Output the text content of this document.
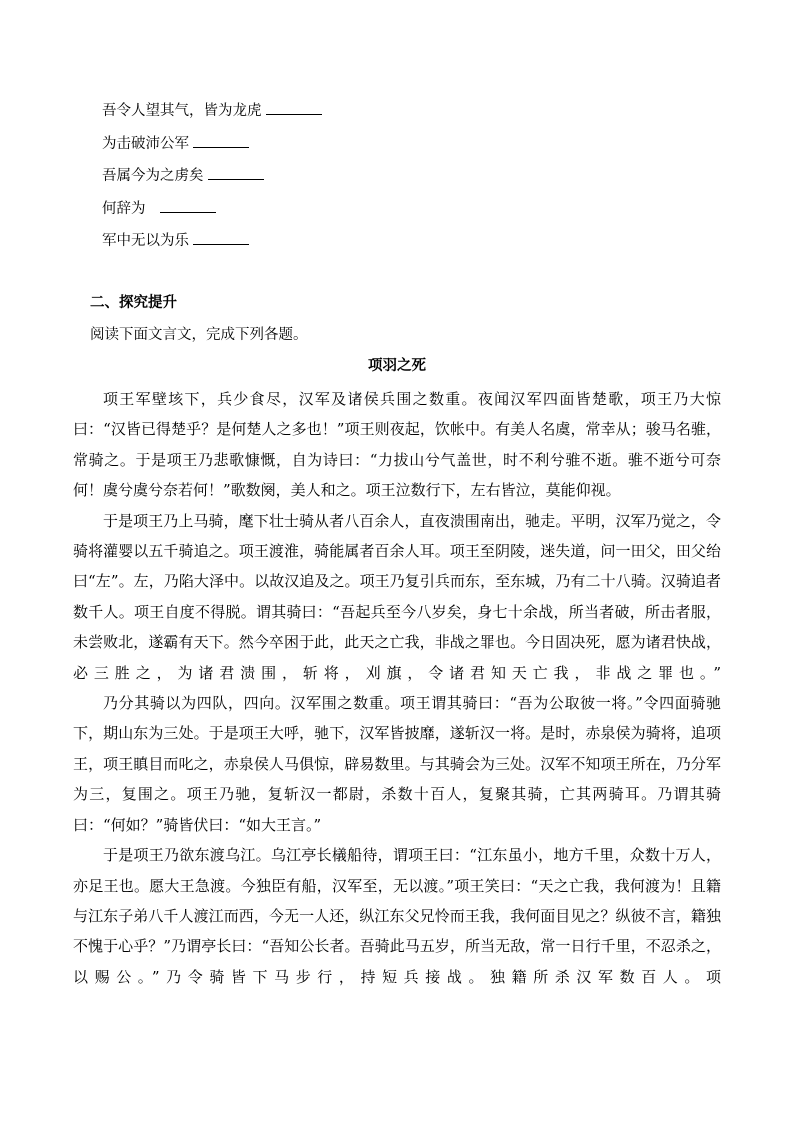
吾令人望其气，皆为龙虎
为击破沛公军
吾属今为之虏矣
何辞为
军中无以为乐
二、探究提升
阅读下面文言文，完成下列各题。
项羽之死

项王军壁垓下，兵少食尽，汉军及诸侯兵围之数重。夜闻汉军四面皆楚歌，项王乃大惊曰：“汉皆已得楚乎？是何楚人之多也！”项王则夜起，饮帐中。有美人名虞，常幸从；骏马名骓，常骑之。于是项王乃悲歌慷慨，自为诗曰：“力拔山兮气盖世，时不利兮骓不逝。骓不逝兮可奈何！虞兮虞兮奈若何！”歌数阕，美人和之。项王泣数行下，左右皆泣，莫能仰视。

于是项王乃上马骑，麾下壮士骑从者八百余人，直夜溃围南出，驰走。平明，汉军乃觉之，令骑将灌婴以五千骑追之。项王渡淮，骑能属者百余人耳。项王至阴陵，迷失道，问一田父，田父绐曰“左”。左，乃陷大泽中。以故汉追及之。项王乃复引兵而东，至东城，乃有二十八骑。汉骑追者数千人。项王自度不得脱。谓其骑曰：“吾起兵至今八岁矣，身七十余战，所当者破，所击者服，未尝败北，遂霸有天下。然今卒困于此，此天之亡我，非战之罪也。今日固决死，愿为诸君快战，必三胜之，为诸君溃围，斩将，刈旗，令诸君知天亡我，非战之罪也。”

乃分其骑以为四队，四向。汉军围之数重。项王谓其骑曰：“吾为公取彼一将。”令四面骑驰下，期山东为三处。于是项王大呼，驰下，汉军皆披靡，遂斩汉一将。是时，赤泉侯为骑将，追项王，项王瞋目而叱之，赤泉侯人马俱惊，辟易数里。与其骑会为三处。汉军不知项王所在，乃分军为三，复围之。项王乃驰，复斩汉一都尉，杀数十百人，复聚其骑，亡其两骑耳。乃谓其骑曰：“何如？”骑皆伏曰：“如大王言。”

于是项王乃欲东渡乌江。乌江亭长檥船待，谓项王曰：“江东虽小，地方千里，众数十万人，亦足王也。愿大王急渡。今独臣有船，汉军至，无以渡。”项王笑曰：“天之亡我，我何渡为！且籍与江东子弟八千人渡江而西，今无一人还，纵江东父兄怜而王我，我何面目见之？纵彼不言，籍独不愧于心乎？”乃谓亭长曰：“吾知公长者。吾骑此马五岁，所当无敌，常一日行千里，不忍杀之，以赐公。”乃令骑皆下马步行，持短兵接战。独籍所杀汉军数百人。项
